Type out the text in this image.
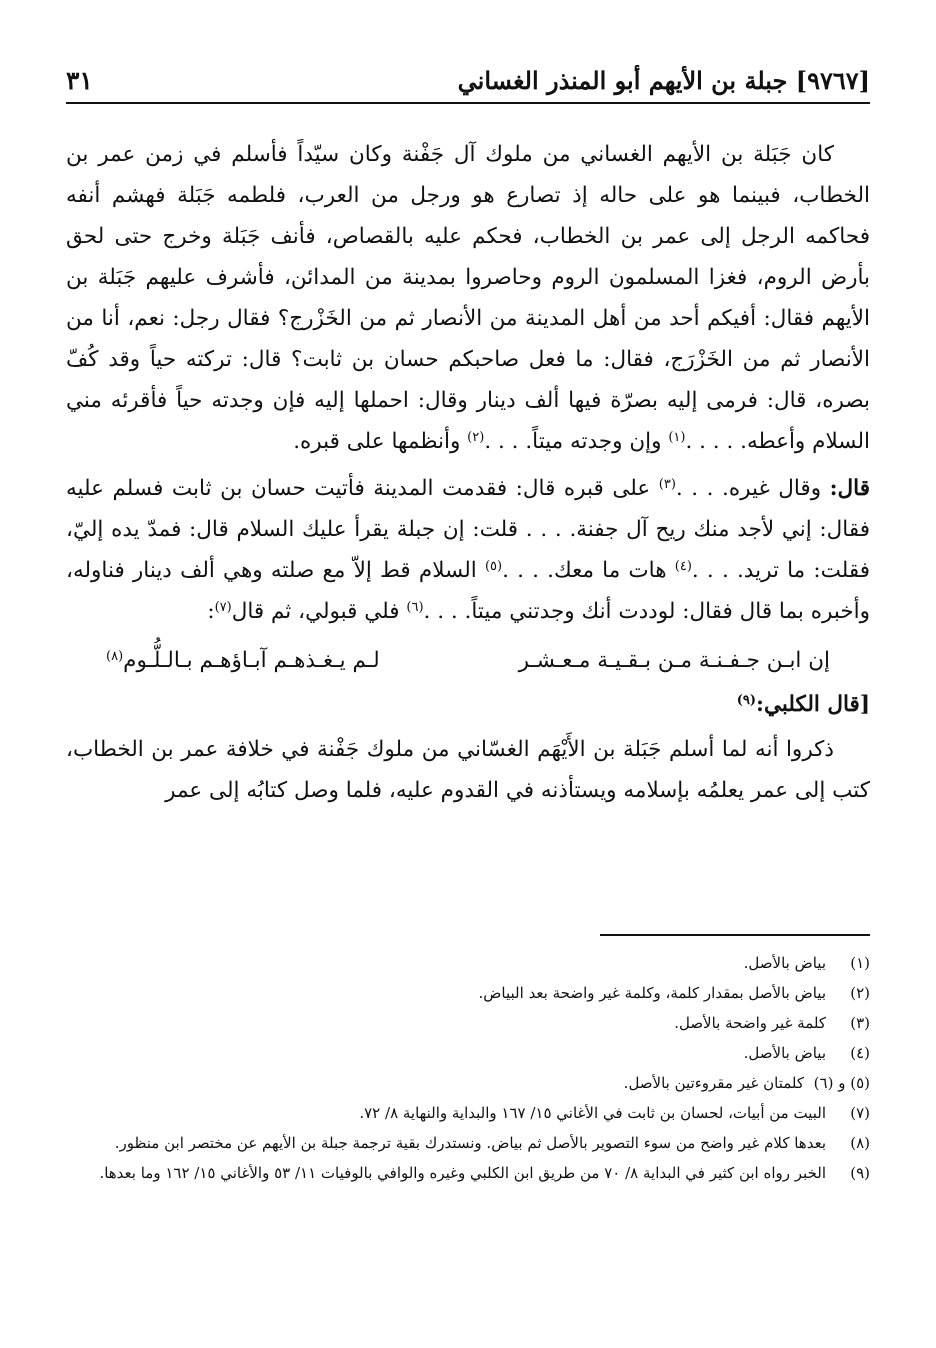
٣١	[٩٧٦٧] جبلة بن الأيهم أبو المنذر الغساني

كان جَبَلة بن الأيهم الغساني من ملوك آل جَفْنة وكان سيّداً فأسلم في زمن عمر بن الخطاب، فبينما هو على حاله إذ تصارع هو ورجل من العرب، فلطمه جَبَلة فهشم أنفه فحاكمه الرجل إلى عمر بن الخطاب، فحكم عليه بالقصاص، فأنف جَبَلة وخرج حتى لحق بأرض الروم، فغزا المسلمون الروم وحاصروا بمدينة من المدائن، فأشرف عليهم جَبَلة بن الأيهم فقال: أفيكم أحد من أهل المدينة من الأنصار ثم من الخَزْرج؟ فقال رجل: نعم، أنا من الأنصار ثم من الخَزْرَج، فقال: ما فعل صاحبكم حسان بن ثابت؟ قال: تركته حياً وقد كُفّ بصره، قال: فرمى إليه بصرّة فيها ألف دينار وقال: احملها إليه فإن وجدته حياً فأقرئه مني السلام وأعطه. . . . .$^{(١)}$ وإن وجدته ميتاً. . . .$^{(٢)}$ وأنظمها على قبره.

قال: وقال غيره. . . .$^{(٣)}$ على قبره قال: فقدمت المدينة فأتيت حسان بن ثابت فسلم عليه فقال: إني لأجد منك ريح آل جفنة. . . . قلت: إن جبلة يقرأ عليك السلام قال: فمدّ يده إليّ، فقلت: ما تريد. . . .$^{(٤)}$ هات ما معك. . . .$^{(٥)}$ السلام قط إلاّ مع صلته وهي ألف دينار فناوله، وأخبره بما قال فقال: لوددت أنك وجدتني ميتاً. . . .$^{(٦)}$ فلي قبولي، ثم قال$^{(٧)}$:

إن ابـن جـفـنـة مـن بـقـيـة مـعـشـر
لـم يـغـذهـم آبـاؤهـم بـالـلُّـوم$^{(٨)}$

[قال الكلبي:$^{(٩)}$

ذكروا أنه لما أسلم جَبَلة بن الأَيْهَم الغسّاني من ملوك جَفْنة في خلافة عمر بن الخطاب، كتب إلى عمر يعلمُه بإسلامه ويستأذنه في القدوم عليه، فلما وصل كتابُه إلى عمر

(١)
بياض بالأصل.
(٢)
بياض بالأصل بمقدار كلمة، وكلمة غير واضحة بعد البياض.
(٣)
كلمة غير واضحة بالأصل.
(٤)
بياض بالأصل.
(٥) و (٦)
كلمتان غير مقروءتين بالأصل.
(٧)
البيت من أبيات، لحسان بن ثابت في الأغاني ١٥/ ١٦٧ والبداية والنهاية ٨/ ٧٢.
(٨)
بعدها كلام غير واضح من سوء التصوير بالأصل ثم بياض. ونستدرك بقية ترجمة جبلة بن الأيهم عن مختصر ابن منظور.
(٩)
الخبر رواه ابن كثير في البداية ٨/ ٧٠ من طريق ابن الكلبي وغيره والوافي بالوفيات ١١/ ٥٣ والأغاني ١٥/ ١٦٢ وما بعدها.
